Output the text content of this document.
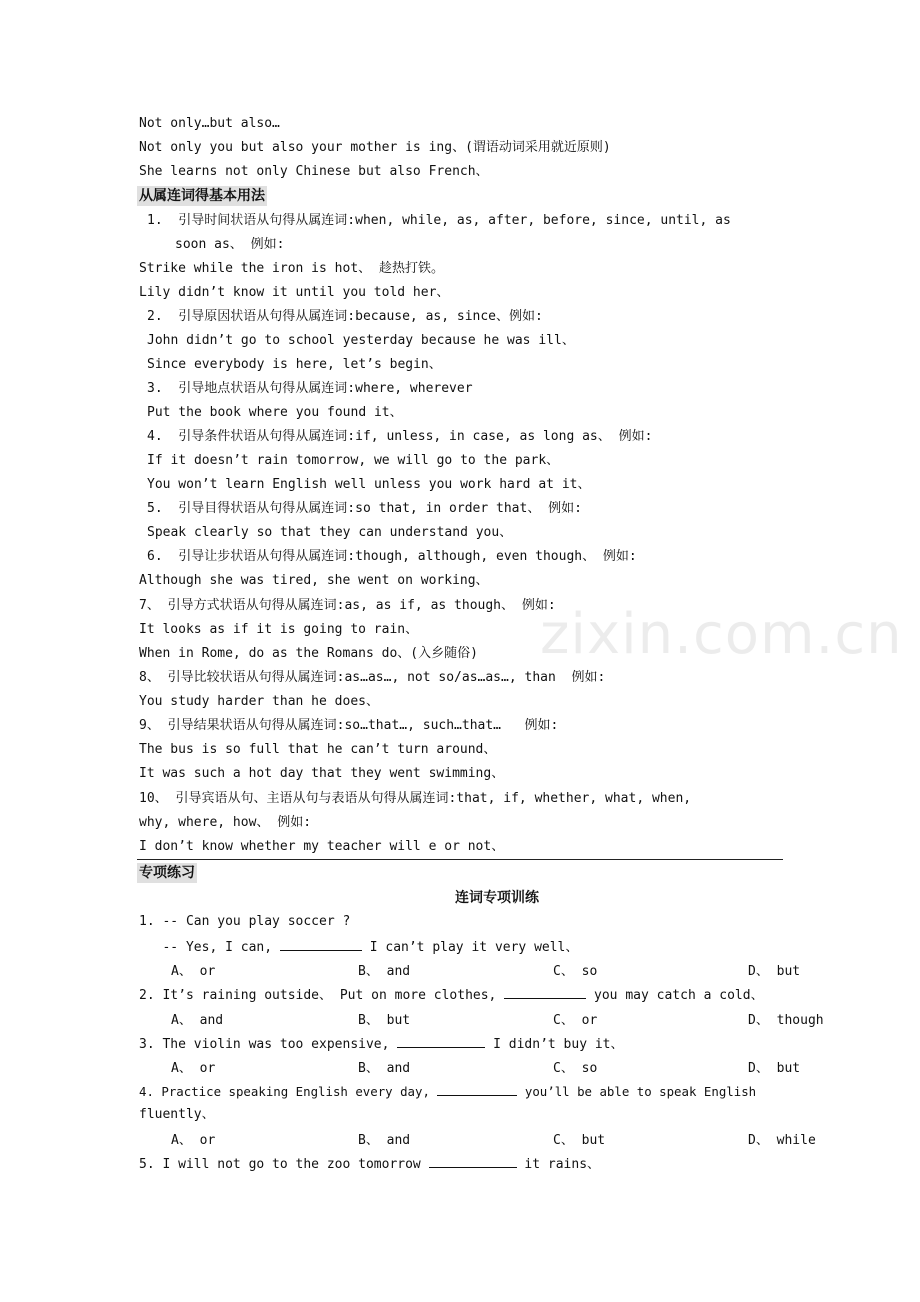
Not only…but also…
Not only you but also your mother is ing、(谓语动词采用就近原则)
She learns not only Chinese but also French、
从属连词得基本用法
1.  引导时间状语从句得从属连词:when, while, as, after, before, since, until, as
soon as、 例如:
Strike while the iron is hot、 趁热打铁。
Lily didn’t know it until you told her、
2.  引导原因状语从句得从属连词:because, as, since、例如:
John didn’t go to school yesterday because he was ill、
Since everybody is here, let’s begin、
3.  引导地点状语从句得从属连词:where, wherever
Put the book where you found it、
4.  引导条件状语从句得从属连词:if, unless, in case, as long as、 例如:
If it doesn’t rain tomorrow, we will go to the park、
You won’t learn English well unless you work hard at it、
5.  引导目得状语从句得从属连词:so that, in order that、 例如:
Speak clearly so that they can understand you、
6.  引导让步状语从句得从属连词:though, although, even though、 例如:
Although she was tired, she went on working、
7、 引导方式状语从句得从属连词:as, as if, as though、 例如:
It looks as if it is going to rain、
When in Rome, do as the Romans do、(入乡随俗)
8、 引导比较状语从句得从属连词:as…as…, not so/as…as…, than  例如:
You study harder than he does、
9、 引导结果状语从句得从属连词:so…that…, such…that…   例如:
The bus is so full that he can’t turn around、
It was such a hot day that they went swimming、
10、 引导宾语从句、主语从句与表语从句得从属连词:that, if, whether, what, when,
why, where, how、 例如:
I don’t know whether my teacher will e or not、
专项练习
连词专项训练
1. -- Can you play soccer ?
-- Yes, I can,	I can’t play it very well、
A、 or	B、 and	C、 so	D、 but
2. It’s raining outside、 Put on more clothes,	you may catch a cold、
A、 and	B、 but	C、 or	D、 though
3. The violin was too expensive,	I didn’t buy it、
A、 or	B、 and	C、 so	D、 but
4. Practice speaking English every day,	you’ll be able to speak English
fluently、
A、 or	B、 and	C、 but	D、 while
5. I will not go to the zoo tomorrow	it rains、
zixin.com.cn
